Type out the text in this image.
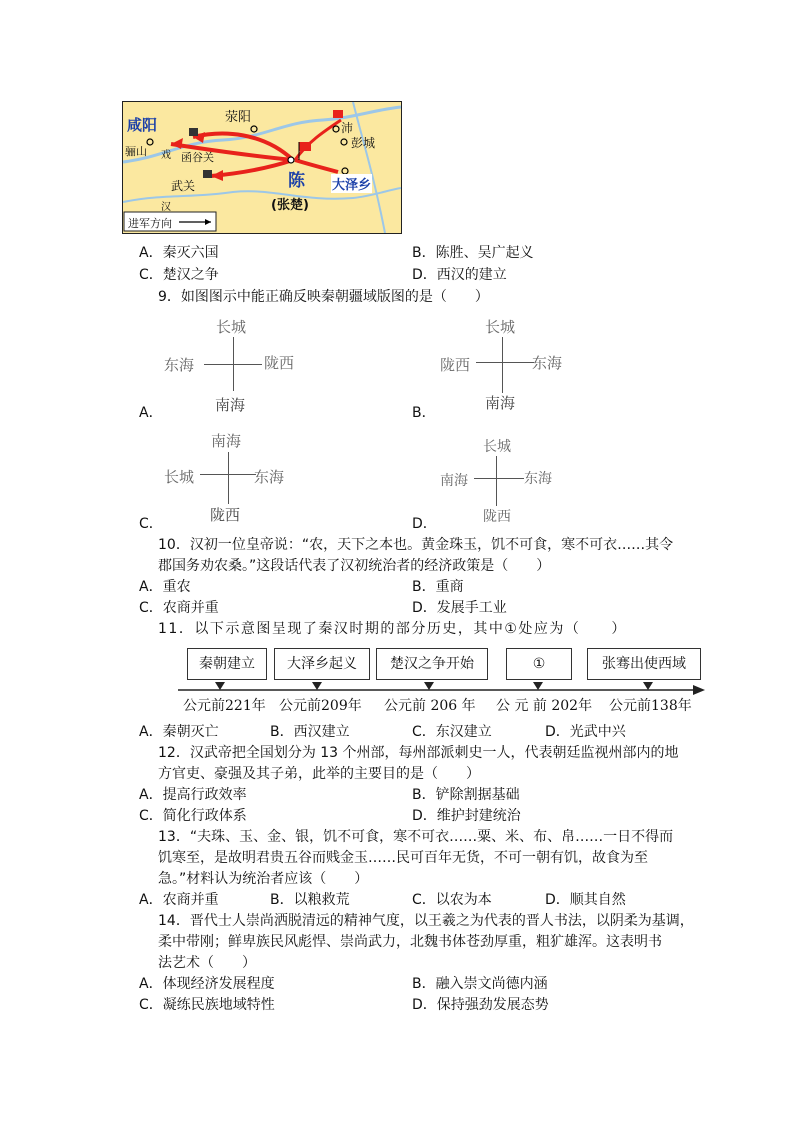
咸阳
骊山 戏 函谷关
荥阳
沛
彭城
陈 大泽乡
武关
汉	(张楚)
进军方向
A．秦灭六国	B．陈胜、吴广起义
C．楚汉之争	D．西汉的建立
9．如图图示中能正确反映秦朝疆域版图的是（　　）
长城
东海	陇西
南海
A．
长城
陇西	东海
南海
B．
南海
长城	东海
陇西
C．
长城
南海	东海
陇西
D．
10．汉初一位皇帝说：“农，天下之本也。黄金珠玉，饥不可食，寒不可衣……其令
郡国务劝农桑。”这段话代表了汉初统治者的经济政策是（　　）
A．重农	B．重商
C．农商并重	D．发展手工业
11．以下示意图呈现了秦汉时期的部分历史，其中①处应为（　　）
秦朝建立	大泽乡起义	楚汉之争开始	①	张骞出使西域
公元前221年 公元前209年 公元前 206 年 公 元 前 202年 公元前138年
A．秦朝灭亡	B．西汉建立	C．东汉建立	D．光武中兴
12．汉武帝把全国划分为 13 个州部，每州部派刺史一人，代表朝廷监视州部内的地
方官吏、豪强及其子弟，此举的主要目的是（　　）
A．提高行政效率	B．铲除割据基础
C．简化行政体系	D．维护封建统治
13．“夫珠、玉、金、银，饥不可食，寒不可衣……粟、米、布、帛……一日不得而
饥寒至，是故明君贵五谷而贱金玉……民可百年无货，不可一朝有饥，故食为至
急。”材料认为统治者应该（　　）
A．农商并重	B．以粮救荒	C．以农为本	D．顺其自然
14．晋代士人崇尚洒脱清远的精神气度，以王羲之为代表的晋人书法，以阴柔为基调，
柔中带刚；鲜卑族民风彪悍、崇尚武力，北魏书体苍劲厚重，粗犷雄浑。这表明书
法艺术（　　）
A．体现经济发展程度	B．融入崇文尚德内涵
C．凝练民族地域特性	D．保持强劲发展态势
